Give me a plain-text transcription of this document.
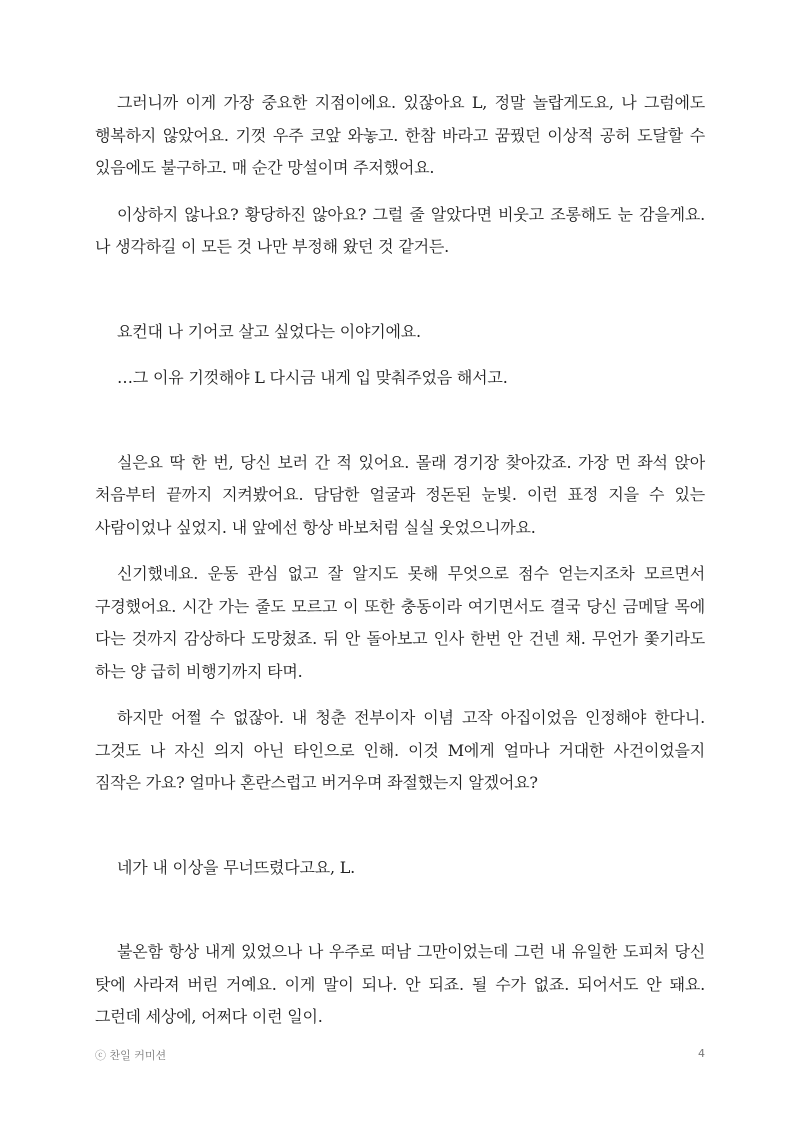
그러니까 이게 가장 중요한 지점이에요. 있잖아요 L, 정말 놀랍게도요, 나 그럼에도 행복하지 않았어요. 기껏 우주 코앞 와놓고. 한참 바라고 꿈꿨던 이상적 공허 도달할 수 있음에도 불구하고. 매 순간 망설이며 주저했어요.

이상하지 않나요? 황당하진 않아요? 그럴 줄 알았다면 비웃고 조롱해도 눈 감을게요. 나 생각하길 이 모든 것 나만 부정해 왔던 것 같거든.

요컨대 나 기어코 살고 싶었다는 이야기에요.

…그 이유 기껏해야 L 다시금 내게 입 맞춰주었음 해서고.

실은요 딱 한 번, 당신 보러 간 적 있어요. 몰래 경기장 찾아갔죠. 가장 먼 좌석 앉아 처음부터 끝까지 지켜봤어요. 담담한 얼굴과 정돈된 눈빛. 이런 표정 지을 수 있는 사람이었나 싶었지. 내 앞에선 항상 바보처럼 실실 웃었으니까요.

신기했네요. 운동 관심 없고 잘 알지도 못해 무엇으로 점수 얻는지조차 모르면서 구경했어요. 시간 가는 줄도 모르고 이 또한 충동이라 여기면서도 결국 당신 금메달 목에 다는 것까지 감상하다 도망쳤죠. 뒤 안 돌아보고 인사 한번 안 건넨 채. 무언가 쫓기라도 하는 양 급히 비행기까지 타며.

하지만 어쩔 수 없잖아. 내 청춘 전부이자 이념 고작 아집이었음 인정해야 한다니. 그것도 나 자신 의지 아닌 타인으로 인해. 이것 M에게 얼마나 거대한 사건이었을지 짐작은 가요? 얼마나 혼란스럽고 버거우며 좌절했는지 알겠어요?

네가 내 이상을 무너뜨렸다고요, L.

불온함 항상 내게 있었으나 나 우주로 떠남 그만이었는데 그런 내 유일한 도피처 당신 탓에 사라져 버린 거예요. 이게 말이 되나. 안 되죠. 될 수가 없죠. 되어서도 안 돼요. 그런데 세상에, 어쩌다 이런 일이.

ⓒ 찬일 커미션	4
